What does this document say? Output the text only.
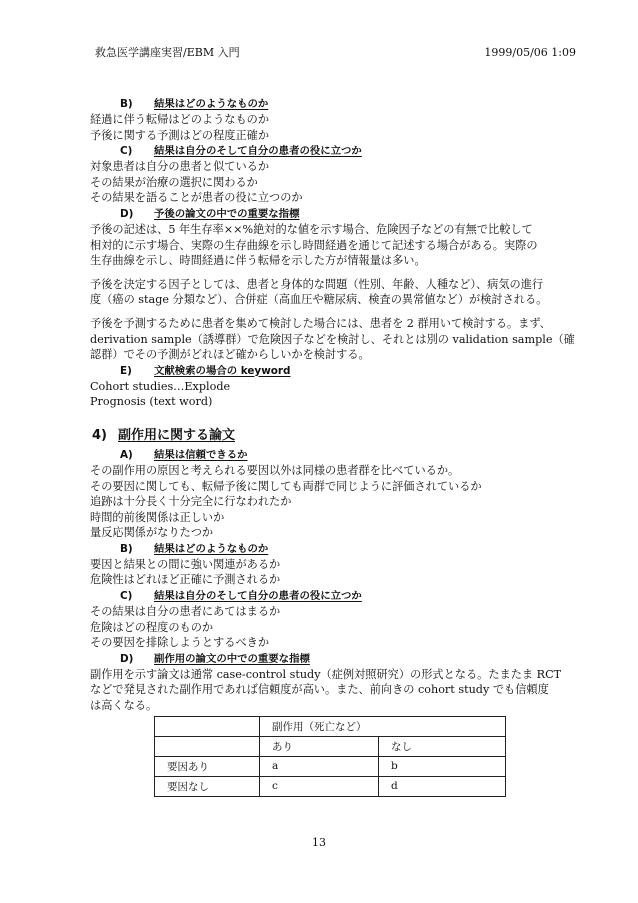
救急医学講座実習/EBM 入門	1999/05/06 1:09
B) 結果はどのようなものか
経過に伴う転帰はどのようなものか
予後に関する予測はどの程度正確か
C) 結果は自分のそして自分の患者の役に立つか
対象患者は自分の患者と似ているか
その結果が治療の選択に関わるか
その結果を語ることが患者の役に立つのか
D) 予後の論文の中での重要な指標
予後の記述は、5 年生存率××%絶対的な値を示す場合、危険因子などの有無で比較して
相対的に示す場合、実際の生存曲線を示し時間経過を通じて記述する場合がある。実際の
生存曲線を示し、時間経過に伴う転帰を示した方が情報量は多い。
予後を決定する因子としては、患者と身体的な問題（性別、年齢、人種など）、病気の進行
度（癌の stage 分類など）、合併症（高血圧や糖尿病、検査の異常値など）が検討される。
予後を予測するために患者を集めて検討した場合には、患者を 2 群用いて検討する。まず、
derivation sample（誘導群）で危険因子などを検討し、それとは別の validation sample（確
認群）でその予測がどれほど確からしいかを検討する。
E) 文献検索の場合の keyword
Cohort studies…Explode
Prognosis (text word)
4) 副作用に関する論文
A) 結果は信頼できるか
その副作用の原因と考えられる要因以外は同様の患者群を比べているか。
その要因に関しても、転帰予後に関しても両群で同じように評価されているか
追跡は十分長く十分完全に行なわれたか
時間的前後関係は正しいか
量反応関係がなりたつか
B) 結果はどのようなものか
要因と結果との間に強い関連があるか
危険性はどれほど正確に予測されるか
C) 結果は自分のそして自分の患者の役に立つか
その結果は自分の患者にあてはまるか
危険はどの程度のものか
その要因を排除しようとするべきか
D) 副作用の論文の中での重要な指標
副作用を示す論文は通常 case-control study（症例対照研究）の形式となる。たまたま RCT
などで発見された副作用であれば信頼度が高い。また、前向きの cohort study でも信頼度
は高くなる。
	副作用（死亡など）	
	あり	なし
要因あり	a	b
要因なし	c	d
13
